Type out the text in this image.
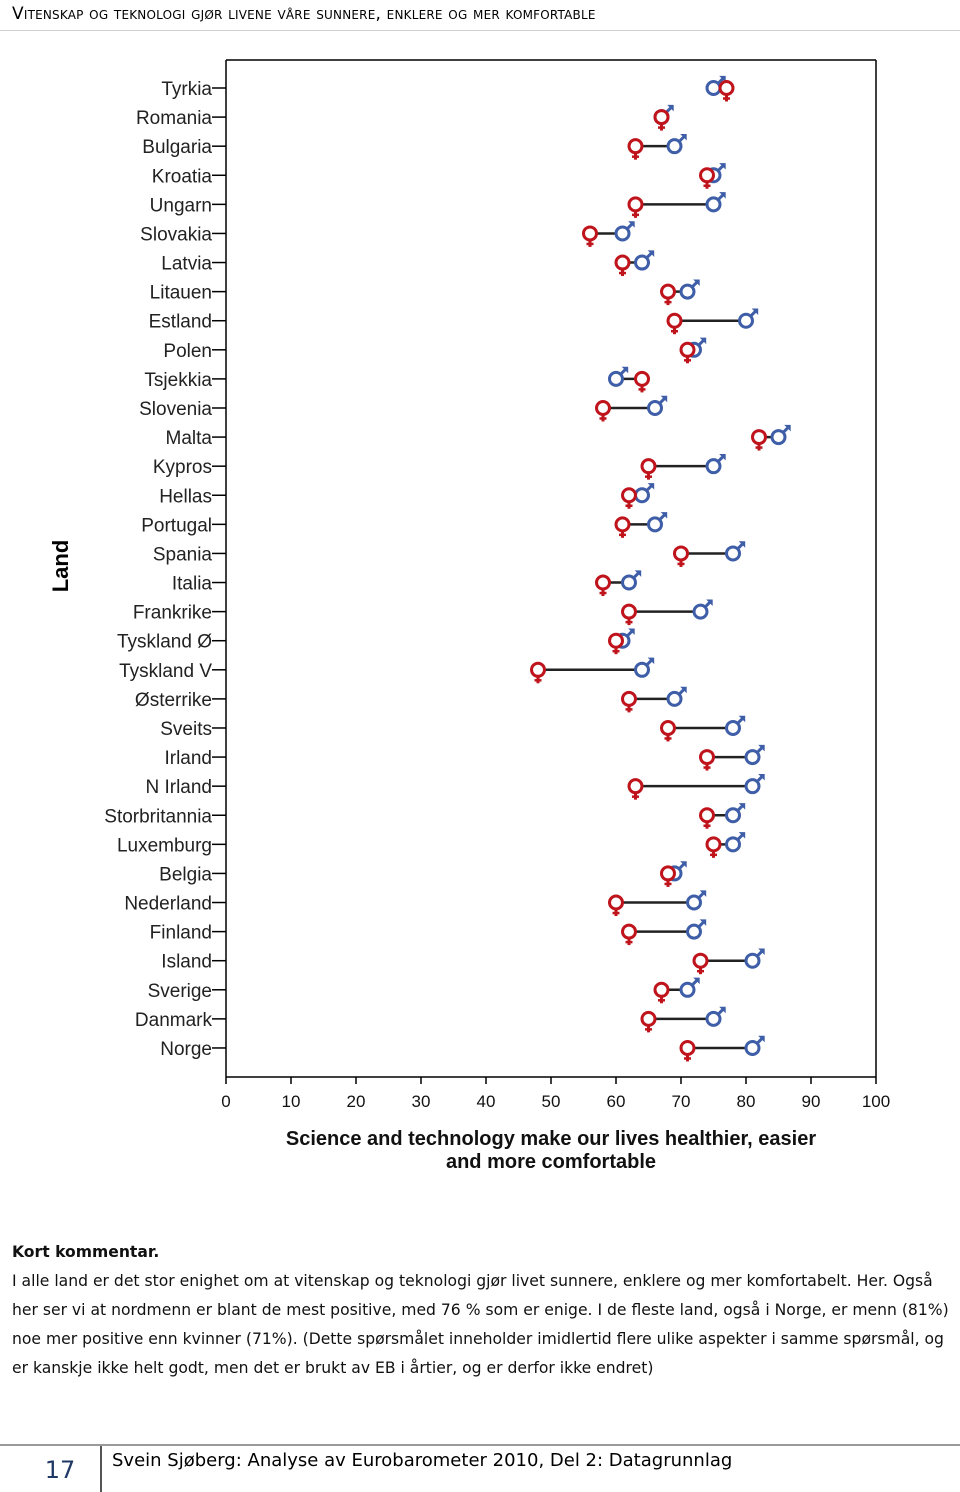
Vitenskap og teknologi gjør livene våre sunnere, enklere og mer komfortable
0	10	20	30	40	50	60	70	80	90 100
Tyrkia
Romania
Bulgaria
Kroatia
Ungarn
Slovakia
Latvia
Litauen
Estland
Polen
Tsjekkia
Slovenia
Malta
Kypros
Hellas
Portugal
Spania
Italia
Frankrike
Tyskland Ø
Tyskland V
Østerrike
Sveits
Irland
N Irland
Storbritannia
Luxemburg
Belgia
Nederland
Finland
Island
Sverige
Danmark
Norge
Land
Science and technology make our lives healthier, easier
and more comfortable
Kort kommentar.
I alle land er det stor enighet om at vitenskap og teknologi gjør livet sunnere, enklere og mer komfortabelt. Her. Også her ser vi at nordmenn er blant de mest positive, med 76 % som er enige. I de fleste land, også i Norge, er menn (81%) noe mer positive enn kvinner (71%). (Dette spørsmålet inneholder imidlertid flere ulike aspekter i samme spørsmål, og er kanskje ikke helt godt, men det er brukt av EB i årtier, og er derfor ikke endret)
17	Svein Sjøberg: Analyse av Eurobarometer 2010, Del 2: Datagrunnlag
